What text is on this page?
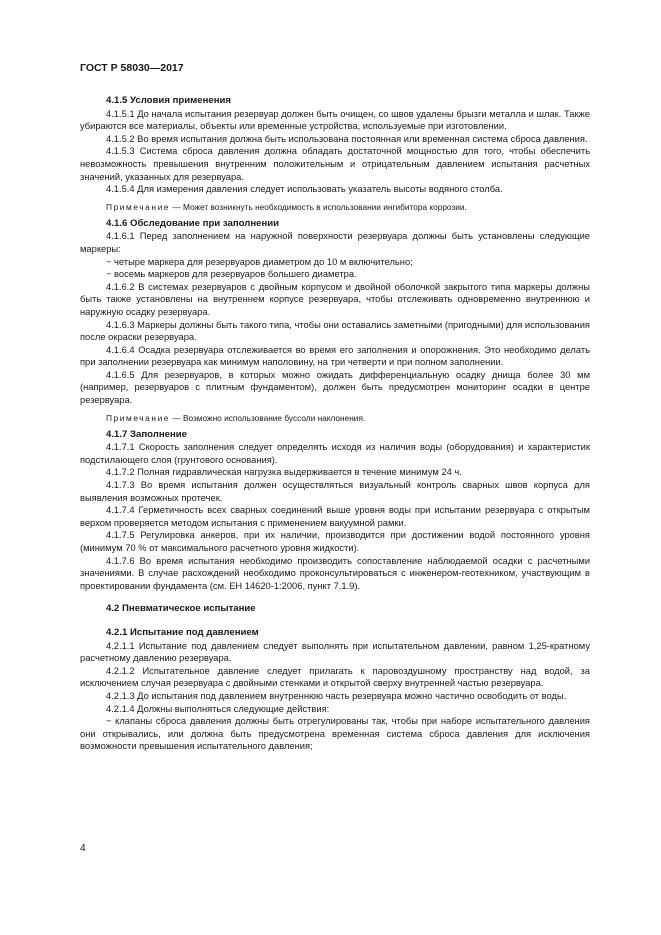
ГОСТ Р 58030—2017
4.1.5 Условия применения

4.1.5.1 До начала испытания резервуар должен быть очищен, со швов удалены брызги металла и шлак. Также убираются все материалы, объекты или временные устройства, используемые при изготовлении.

4.1.5.2 Во время испытания должна быть использована постоянная или временная система сброса давления.

4.1.5.3 Система сброса давления должна обладать достаточной мощностью для того, чтобы обеспечить невозможность превышения внутренним положительным и отрицательным давлением испытания расчетных значений, указанных для резервуара.

4.1.5.4 Для измерения давления следует использовать указатель высоты водяного столба.

Примечание — Может возникнуть необходимость в использовании ингибитора коррозии.
4.1.6 Обследование при заполнении

4.1.6.1 Перед заполнением на наружной поверхности резервуара должны быть установлены следующие маркеры:

− четыре маркера для резервуаров диаметром до 10 м включительно;

− восемь маркеров для резервуаров большего диаметра.

4.1.6.2 В системах резервуаров с двойным корпусом и двойной оболочкой закрытого типа маркеры должны быть также установлены на внутреннем корпусе резервуара, чтобы отслеживать одновременно внутреннюю и наружную осадку резервуара.

4.1.6.3 Маркеры должны быть такого типа, чтобы они оставались заметными (пригодными) для использования после окраски резервуара.

4.1.6.4 Осадка резервуара отслеживается во время его заполнения и опорожнения. Это необходимо делать при заполнении резервуара как минимум наполовину, на три четверти и при полном заполнении.

4.1.6.5 Для резервуаров, в которых можно ожидать дифференциальную осадку днища более 30 мм (например, резервуаров с плитным фундаментом), должен быть предусмотрен мониторинг осадки в центре резервуара.

Примечание — Возможно использование буссоли наклонения.
4.1.7 Заполнение

4.1.7.1 Скорость заполнения следует определять исходя из наличия воды (оборудования) и характеристик подстилающего слоя (грунтового основания).

4.1.7.2 Полная гидравлическая нагрузка выдерживается в течение минимум 24 ч.

4.1.7.3 Во время испытания должен осуществляться визуальный контроль сварных швов корпуса для выявления возможных протечек.

4.1.7.4 Герметичность всех сварных соединений выше уровня воды при испытании резервуара с открытым верхом проверяется методом испытания с применением вакуумной рамки.

4.1.7.5 Регулировка анкеров, при их наличии, производится при достижении водой постоянного уровня (минимум 70 % от максимального расчетного уровня жидкости).

4.1.7.6 Во время испытания необходимо производить сопоставление наблюдаемой осадки с расчетными значениями. В случае расхождений необходимо проконсультироваться с инженером-геотехником, участвующим в проектировании фундамента (см. ЕН 14620-1:2006, пункт 7.1.9).

4.2 Пневматическое испытание
4.2.1 Испытание под давлением

4.2.1.1 Испытание под давлением следует выполнять при испытательном давлении, равном 1,25-кратному расчетному давлению резервуара.

4.2.1.2 Испытательное давление следует прилагать к паровоздушному пространству над водой, за исключением случая резервуара с двойными стенками и открытой сверху внутренней частью резервуара.

4.2.1.3 До испытания под давлением внутреннюю часть резервуара можно частично освободить от воды.

4.2.1.4 Должны выполняться следующие действия:

− клапаны сброса давления должны быть отрегулированы так, чтобы при наборе испытательного давления они открывались, или должна быть предусмотрена временная система сброса давления для исключения возможности превышения испытательного давления;

4
